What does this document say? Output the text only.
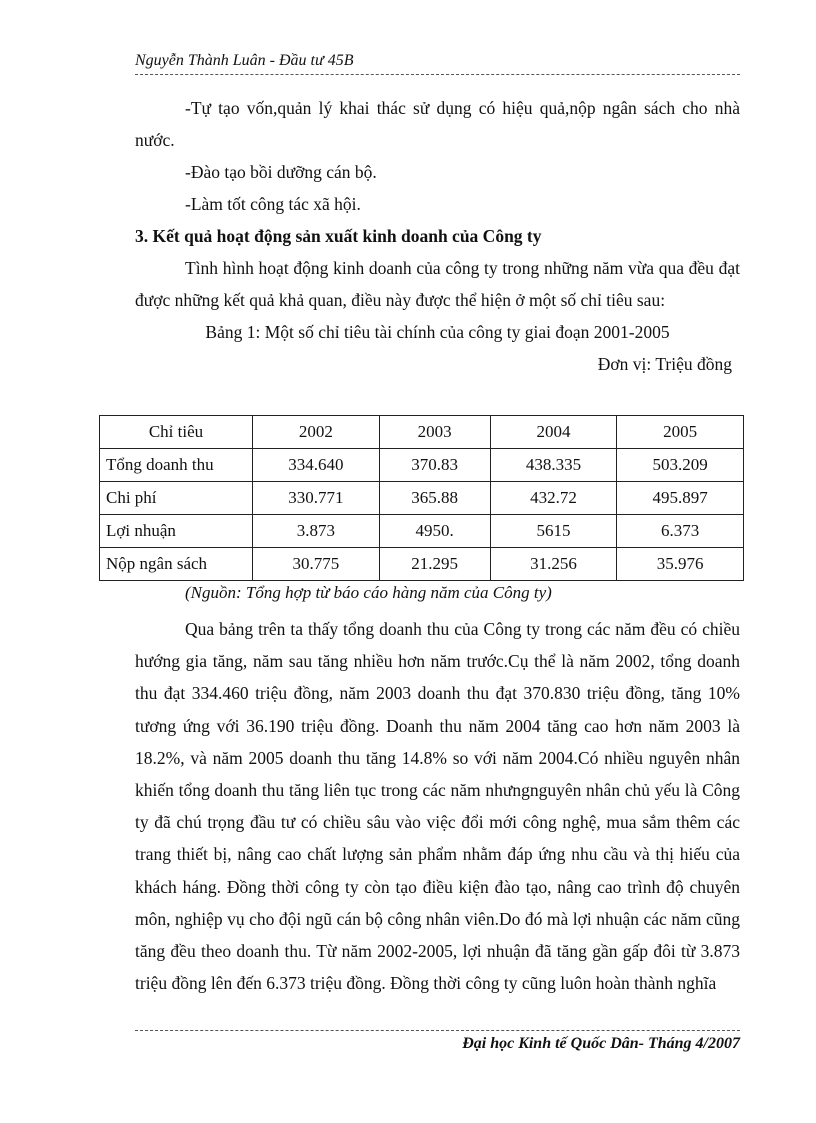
Nguyễn Thành Luân - Đầu tư 45B

-Tự tạo vốn,quản lý khai thác sử dụng có hiệu quả,nộp ngân sách cho nhà nước.

-Đào tạo bồi dưỡng cán bộ.

-Làm tốt công tác xã hội.

3. Kết quả hoạt động sản xuất kinh doanh của Công ty

Tình hình hoạt động kinh doanh của công ty trong những năm vừa qua đều đạt được những kết quả khả quan, điều này được thể hiện ở một số chỉ tiêu sau:

Bảng 1: Một số chỉ tiêu tài chính của công ty giai đoạn 2001-2005

Đơn vị: Triệu đồng

Chỉ tiêu	2002	2003	2004	2005
Tổng doanh thu	334.640	370.83	438.335	503.209
Chi phí	330.771	365.88	432.72	495.897
Lợi nhuận	3.873	4950.	5615	6.373
Nộp ngân sách	30.775	21.295	31.256	35.976
(Nguồn: Tổng hợp từ báo cáo hàng năm của Công ty)

Qua bảng trên ta thấy tổng doanh thu của Công ty trong các năm đều có chiều hướng gia tăng, năm sau tăng nhiều hơn năm trước.Cụ thể là năm 2002, tổng doanh thu đạt 334.460 triệu đồng, năm 2003 doanh thu đạt 370.830 triệu đồng, tăng 10% tương ứng với 36.190 triệu đồng. Doanh thu năm 2004 tăng cao hơn năm 2003 là 18.2%, và năm 2005 doanh thu tăng 14.8% so với năm 2004.Có nhiều nguyên nhân khiến tổng doanh thu tăng liên tục trong các năm nhưngnguyên nhân chủ yếu là Công ty đã chú trọng đầu tư có chiều sâu vào việc đổi mới công nghệ, mua sắm thêm các trang thiết bị, nâng cao chất lượng sản phẩm nhằm đáp ứng nhu cầu và thị hiếu của khách háng. Đồng thời công ty còn tạo điều kiện đào tạo, nâng cao trình độ chuyên môn, nghiệp vụ cho đội ngũ cán bộ công nhân viên.Do đó mà lợi nhuận các năm cũng tăng đều theo doanh thu. Từ năm 2002-2005, lợi nhuận đã tăng gần gấp đôi từ 3.873 triệu đồng lên đến 6.373 triệu đồng. Đồng thời công ty cũng luôn hoàn thành nghĩa

Đại học Kinh tế Quốc Dân- Tháng 4/2007
